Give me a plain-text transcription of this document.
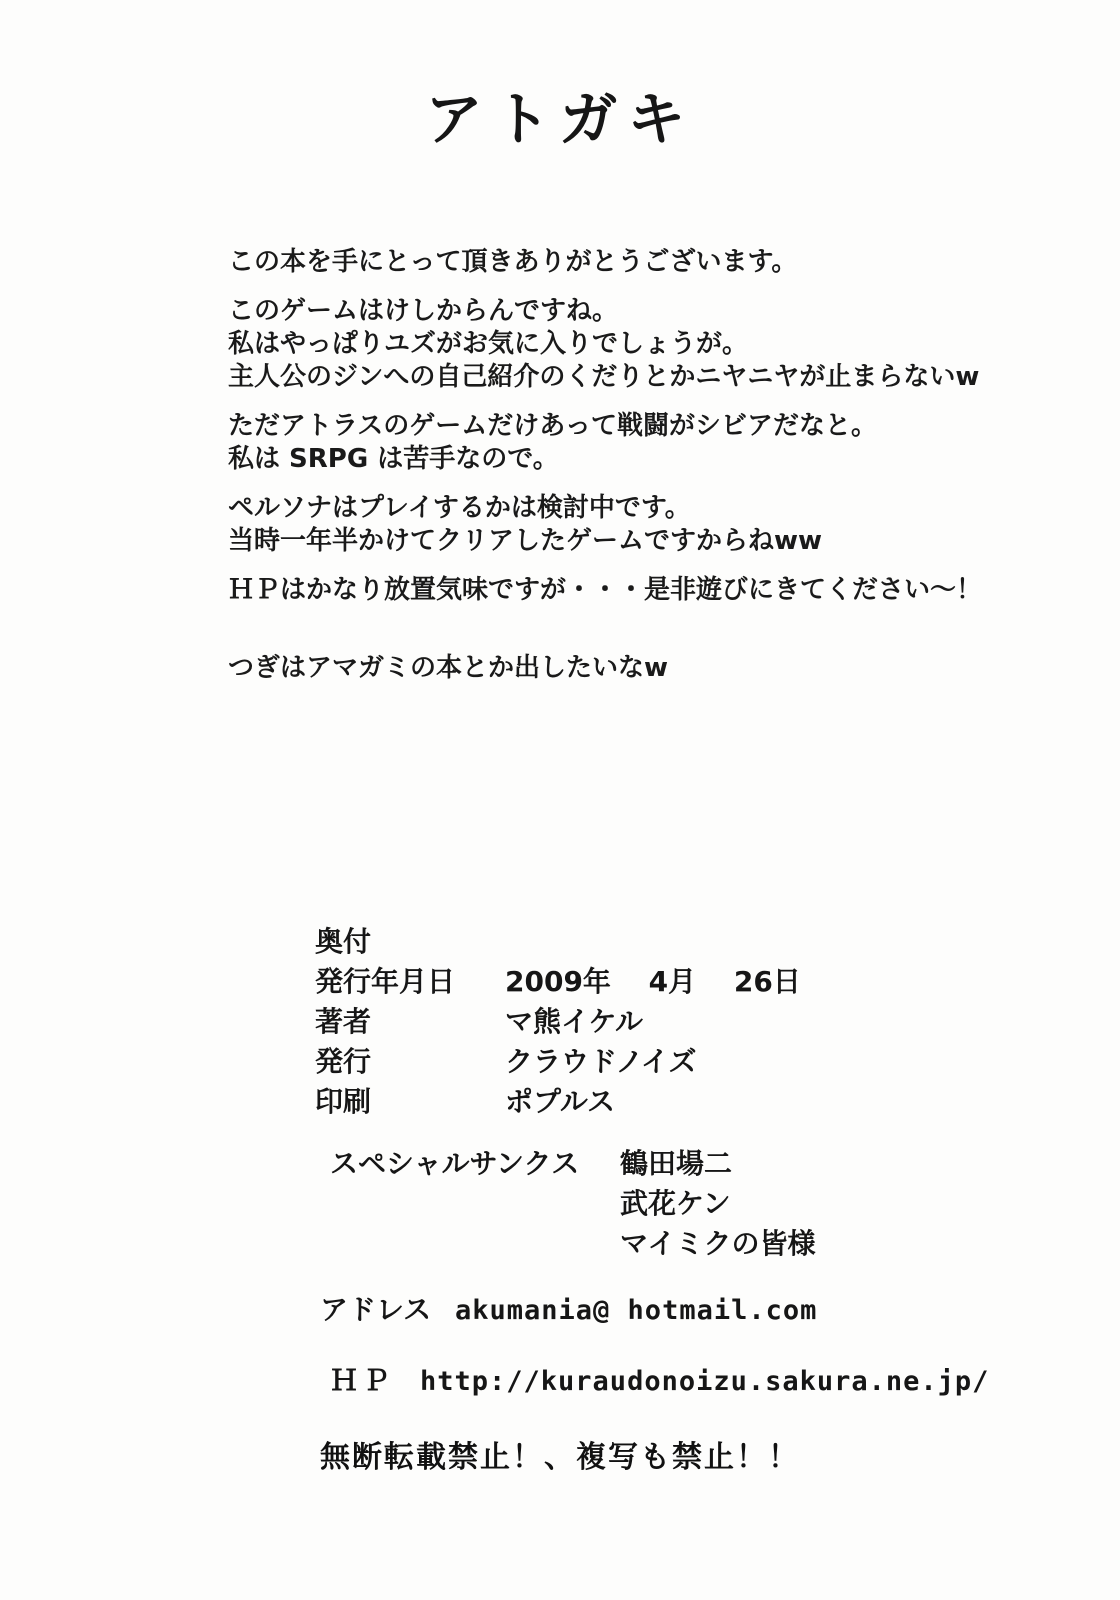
アトガキ
この本を手にとって頂きありがとうございます。
このゲームはけしからんですね。
私はやっぱりユズがお気に入りでしょうが。
主人公のジンへの自己紹介のくだりとかニヤニヤが止まらないw
ただアトラスのゲームだけあって戦闘がシビアだなと。
私は SRPG は苦手なので。
ペルソナはプレイするかは検討中です。
当時一年半かけてクリアしたゲームですからねww
ＨＰはかなり放置気味ですが・・・是非遊びにきてください～！
つぎはアマガミの本とか出したいなw
奥付
発行年月日	2009年　 4月　 26日
著者	マ熊イケル
発行	クラウドノイズ
印刷	ポプルス
スペシャルサンクス	鶴田場二
武花ケン
マイミクの皆様
アドレス akumania@ hotmail.com
ＨＰ http://kuraudonoizu.sakura.ne.jp/
無断転載禁止！、複写も禁止！！
